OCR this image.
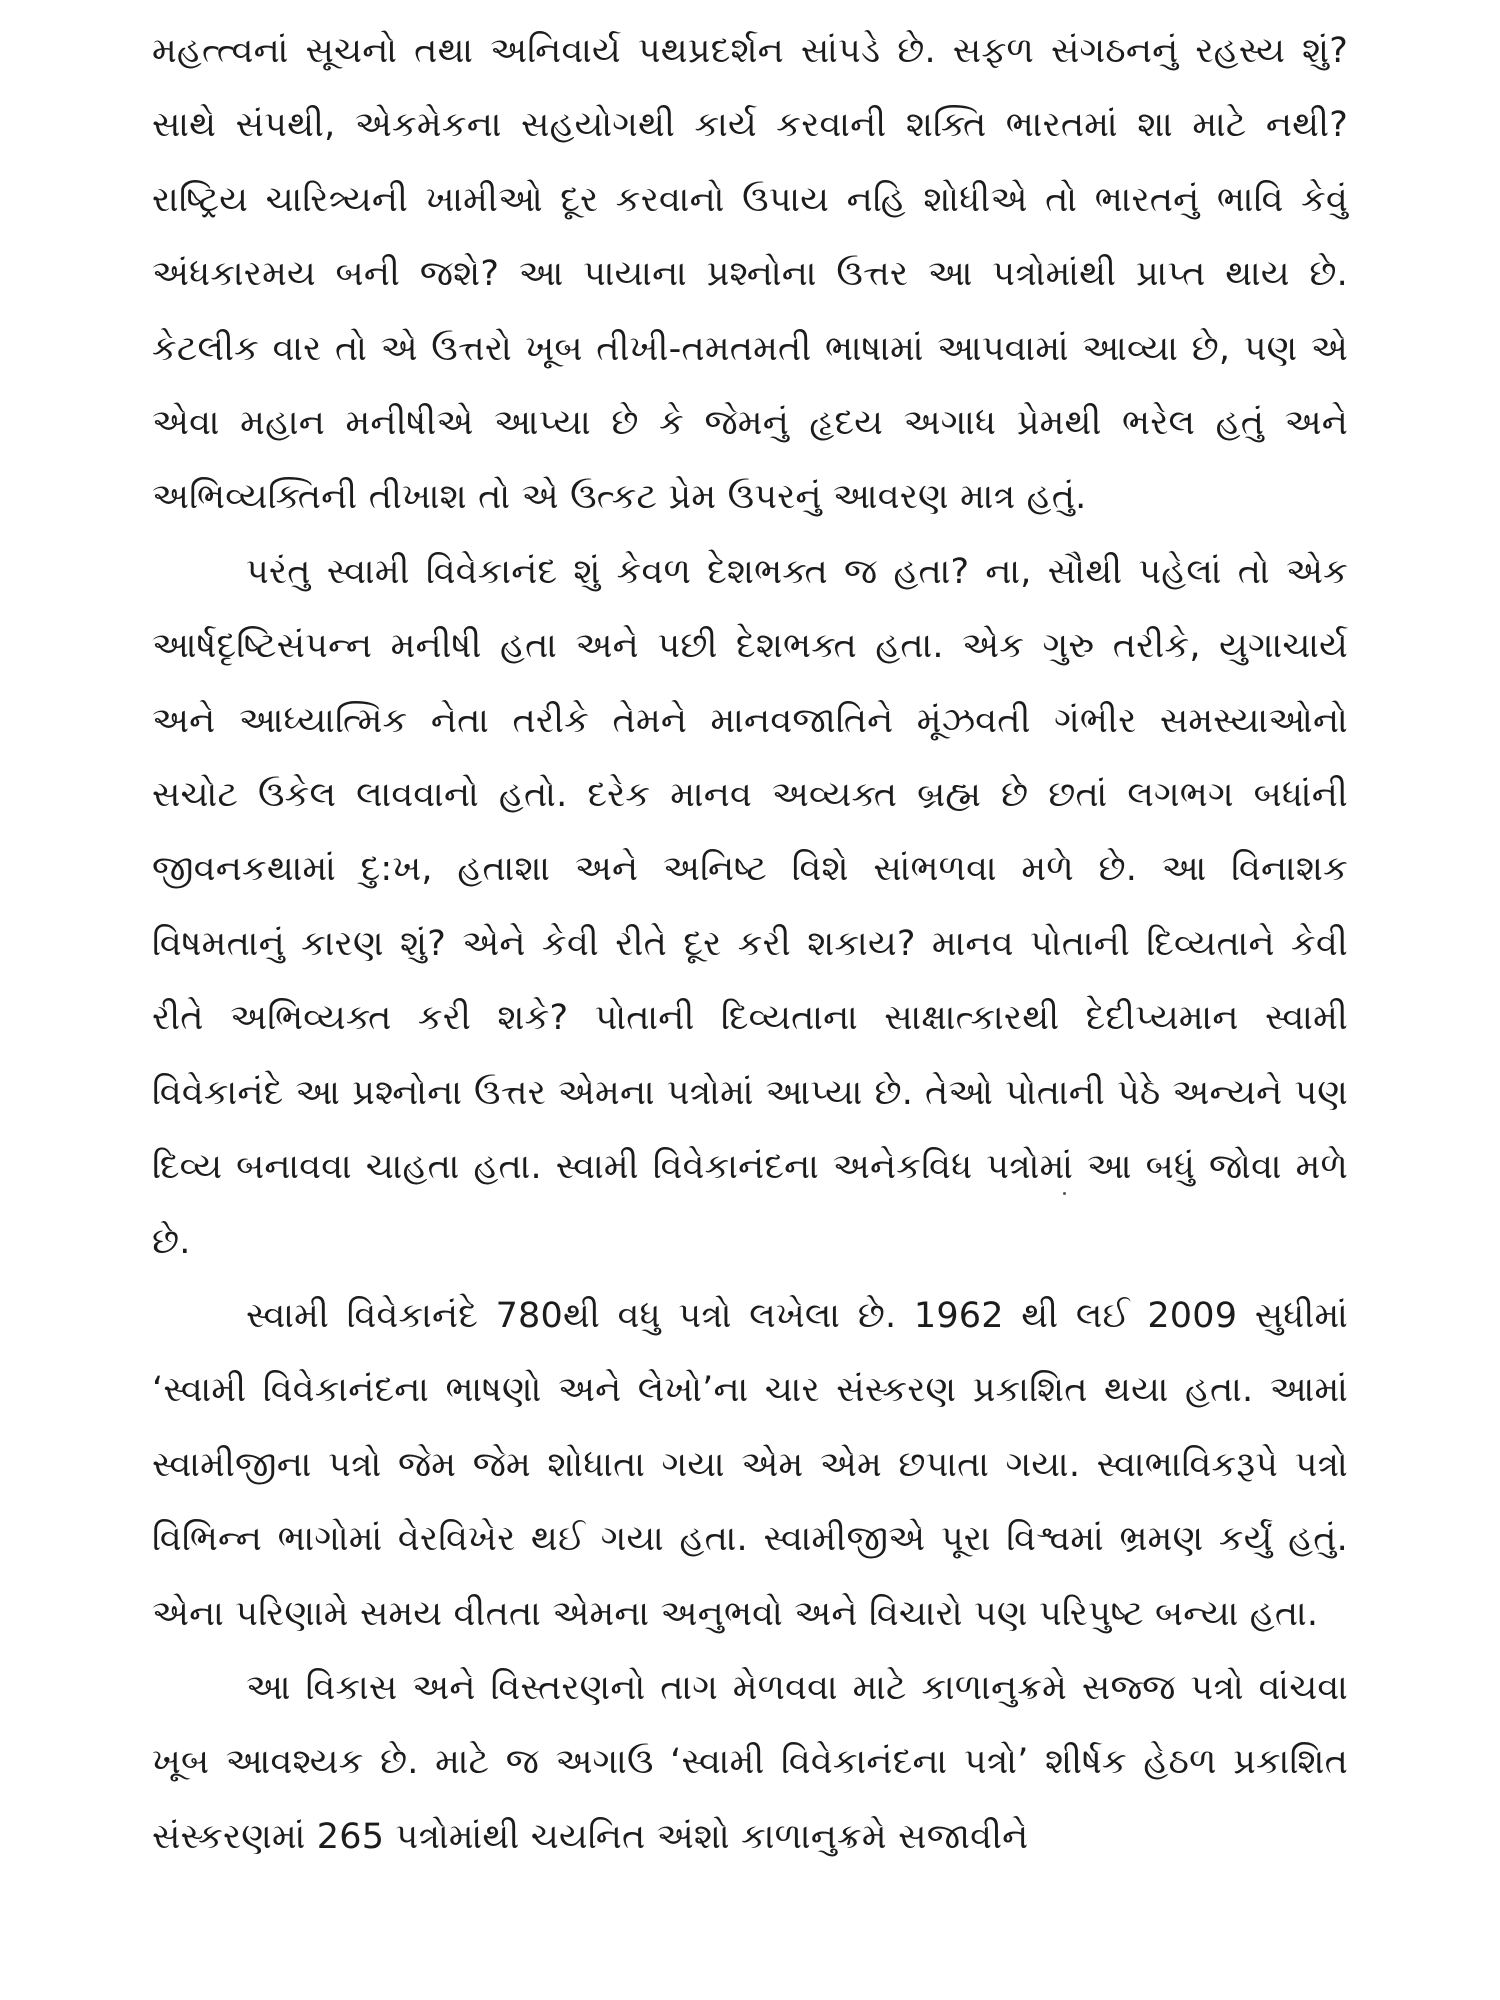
મહત્ત્વનાં સૂચનો તથા અનિવાર્ય પથપ્રદર્શન સાંપડે છે. સફળ સંગઠનનું રહસ્ય શું? સાથે સંપથી, એકમેકના સહયોગથી કાર્ય કરવાની શક્તિ ભારતમાં શા માટે નથી? રાષ્ટ્રિય ચારિત્ર્યની ખામીઓ દૂર કરવાનો ઉપાય નહિ શોધીએ તો ભારતનું ભાવિ કેવું અંધકારમય બની જશે? આ પાયાના પ્રશ્નોના ઉત્તર આ પત્રોમાંથી પ્રાપ્ત થાય છે. કેટલીક વાર તો એ ઉત્તરો ખૂબ તીખી-તમતમતી ભાષામાં આપવામાં આવ્યા છે, પણ એ એવા મહાન મનીષીએ આપ્યા છે કે જેમનું હૃદય અગાધ પ્રેમથી ભરેલ હતું અને અભિવ્યક્તિની તીખાશ તો એ ઉત્કટ પ્રેમ ઉપરનું આવરણ માત્ર હતું.

પરંતુ સ્વામી વિવેકાનંદ શું કેવળ દેશભક્ત જ હતા? ના, સૌથી પહેલાં તો એક આર્ષદૃષ્ટિસંપન્ન મનીષી હતા અને પછી દેશભક્ત હતા. એક ગુરુ તરીકે, યુગાચાર્ય અને આધ્યાત્મિક નેતા તરીકે તેમને માનવજાતિને મૂંઝવતી ગંભીર સમસ્યાઓનો સચોટ ઉકેલ લાવવાનો હતો. દરેક માનવ અવ્યક્ત બ્રહ્મ છે છતાં લગભગ બધાંની જીવનકથામાં દુ:ખ, હતાશા અને અનિષ્ટ વિશે સાંભળવા મળે છે. આ વિનાશક વિષમતાનું કારણ શું? એને કેવી રીતે દૂર કરી શકાય? માનવ પોતાની દિવ્યતાને કેવી રીતે અભિવ્યક્ત કરી શકે? પોતાની દિવ્યતાના સાક્ષાત્કારથી દેદીપ્યમાન સ્વામી વિવેકાનંદે આ પ્રશ્નોના ઉત્તર એમના પત્રોમાં આપ્યા છે. તેઓ પોતાની પેઠે અન્યને પણ દિવ્ય બનાવવા ચાહતા હતા. સ્વામી વિવેકાનંદના અનેકવિધ પત્રોમાં આ બધું જોવા મળે છે.

સ્વામી વિવેકાનંદે 780થી વધુ પત્રો લખેલા છે. 1962 થી લઈ 2009 સુધીમાં ‘સ્વામી વિવેકાનંદના ભાષણો અને લેખો’ના ચાર સંસ્કરણ પ્રકાશિત થયા હતા. આમાં સ્વામીજીના પત્રો જેમ જેમ શોધાતા ગયા એમ એમ છપાતા ગયા. સ્વાભાવિકરૂપે પત્રો વિભિન્ન ભાગોમાં વેરવિખેર થઈ ગયા હતા. સ્વામીજીએ પૂરા વિશ્વમાં ભ્રમણ કર્યું હતું. એના પરિણામે સમય વીતતા એમના અનુભવો અને વિચારો પણ પરિપુષ્ટ બન્યા હતા.

આ વિકાસ અને વિસ્તરણનો તાગ મેળવવા માટે કાળાનુક્રમે સજ્જ પત્રો વાંચવા ખૂબ આવશ્યક છે. માટે જ અગાઉ ‘સ્વામી વિવેકાનંદના પત્રો’ શીર્ષક હેઠળ પ્રકાશિત સંસ્કરણમાં 265 પત્રોમાંથી ચયનિત અંશો કાળાનુક્રમે સજાવીને
